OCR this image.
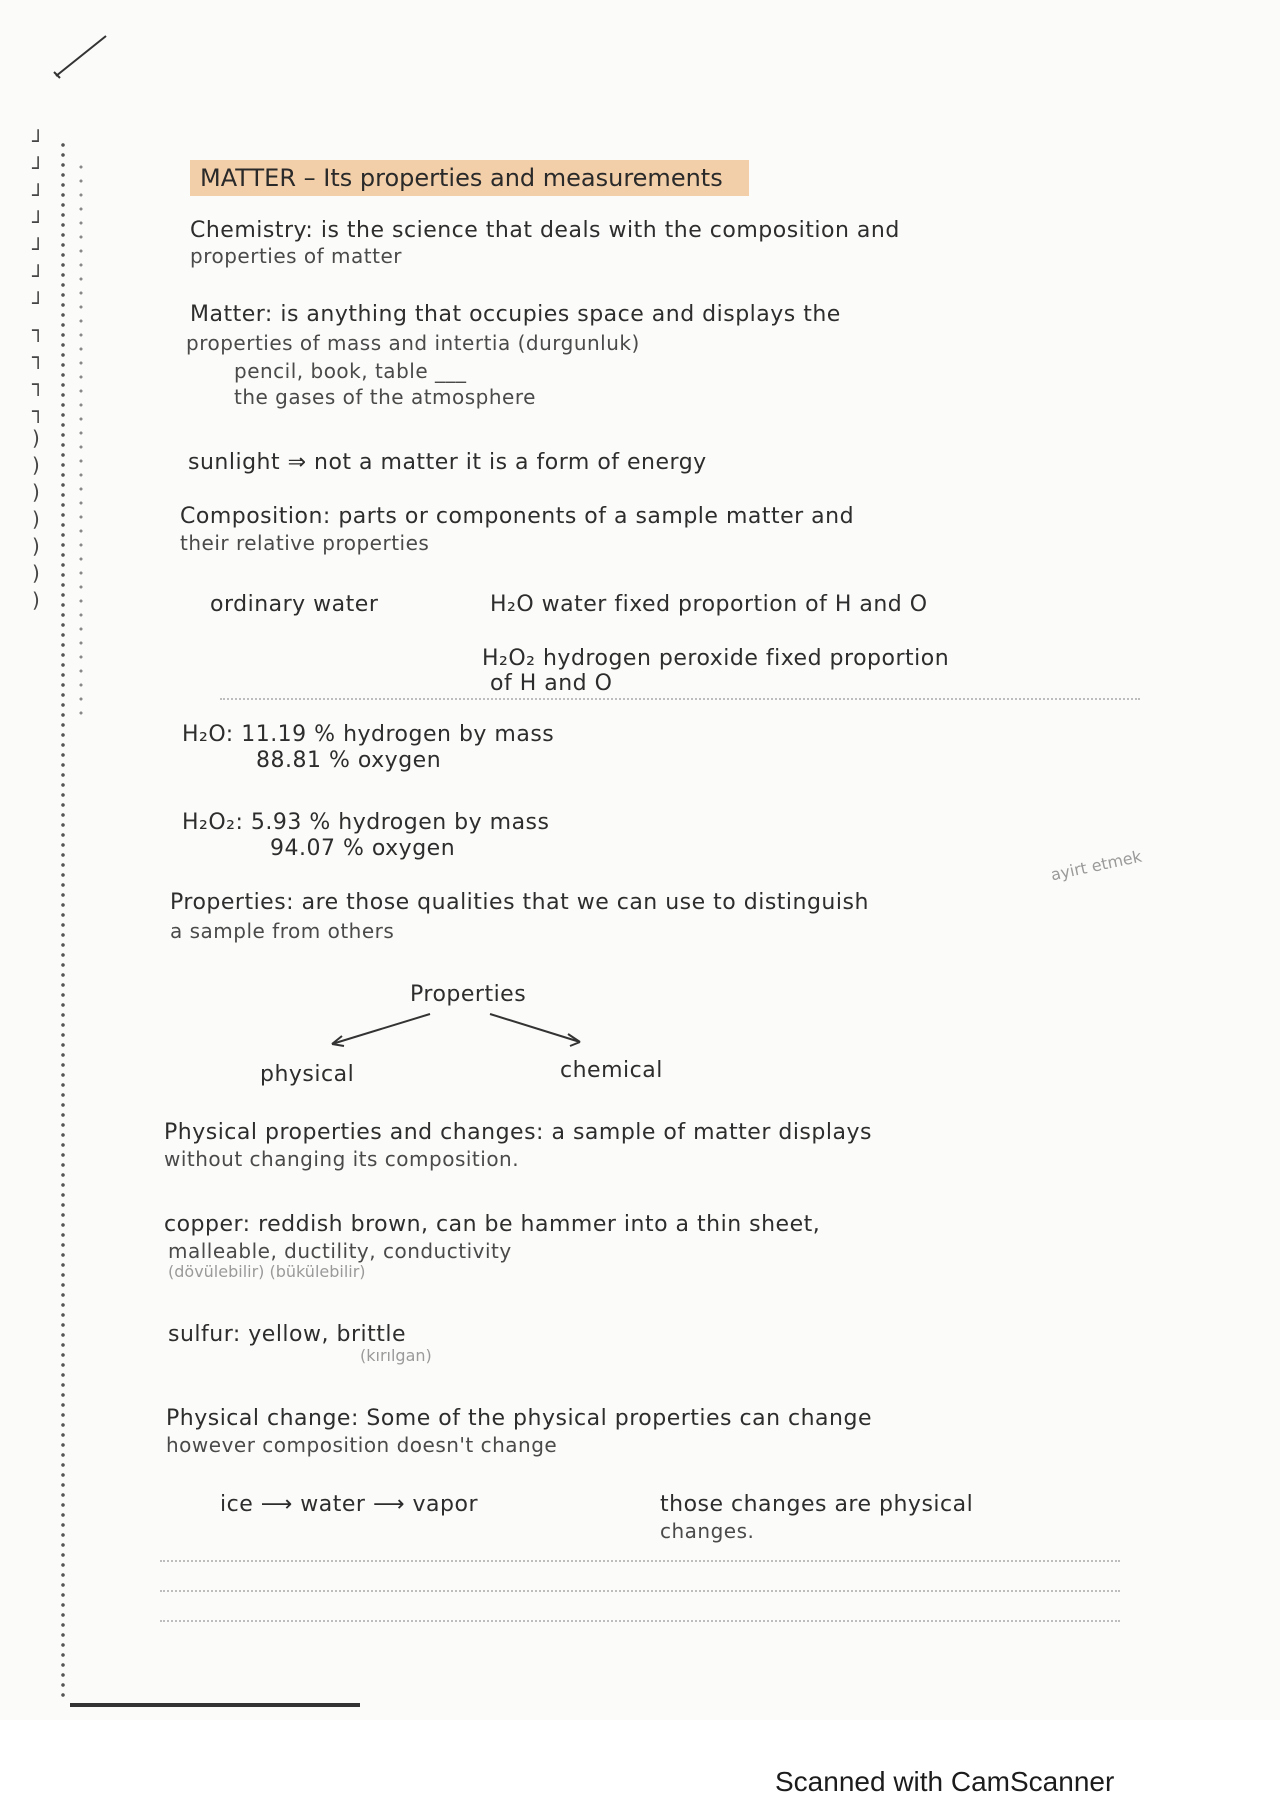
┘
┘
┘
┘
┘
┘
┘
┐
┐
┐
┐
)
)
)
)
)
)
)
MATTER – Its properties and measurements
Chemistry: is the science that deals with the composition and
properties of matter
Matter: is anything that occupies space and displays the
properties of mass and intertia (durgunluk)
pencil, book, table ___
the gases of the atmosphere
sunlight ⇒ not a matter it is a form of energy
Composition: parts or components of a sample matter and
their relative properties
ordinary water	H₂O water fixed proportion of H and O
H₂O₂ hydrogen peroxide fixed proportion
of H and O
H₂O: 11.19 % hydrogen by mass
88.81 % oxygen
H₂O₂: 5.93 % hydrogen by mass
94.07 % oxygen	ayirt etmek
Properties: are those qualities that we can use to distinguish
a sample from others
Properties
physical	chemical
Physical properties and changes: a sample of matter displays
without changing its composition.
copper: reddish brown, can be hammer into a thin sheet,
malleable, ductility, conductivity
(dövülebilir) (bükülebilir)
sulfur: yellow, brittle
(kırılgan)
Physical change: Some of the physical properties can change
however composition doesn't change
ice ⟶ water ⟶ vapor	those changes are physical
changes.
Scanned with CamScanner
